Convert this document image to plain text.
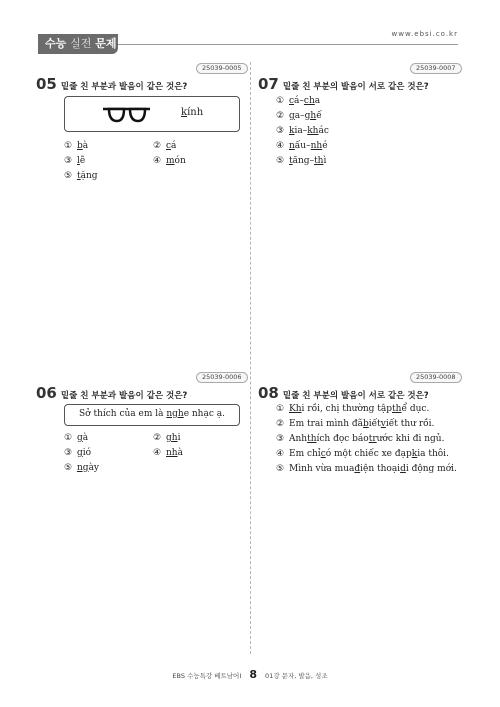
수능 실전 문제
www.ebsi.co.kr
25039-0005
05 밑줄 친 부분과 발음이 같은 것은?
kính
① b à	② c á
③ l ẽ	④ m ón
⑤ t ặng
25039-0007
07 밑줄 친 부분의 발음이 서로 같은 것은?
① c á – ch a
② g a – gh ế
③ k ia – kh ác
④ n ấu – nh é
⑤ t ăng – th ì
25039-0006
06 밑줄 친 부분과 발음이 같은 것은?
Sở thích của em là nghe nhạc ạ.
① g à	② gh i
③ g ió	④ nh à
⑤ ng ày
25039-0008
08 밑줄 친 부분의 발음이 서로 같은 것은?
① Kh i rồi, chị thường tập th ể dục.
② Em trai mình đã b iết v iết thư rồi.
③ Anh th ích đọc báo tr ước khi đi ngủ.
④ Em chỉ c ó một chiếc xe đạp k ia thôi.
⑤ Mình vừa mua đ iện thoại d i động mới.
EBS 수능특강 베트남어Ⅰ 8 01강 문자, 발음, 성조
